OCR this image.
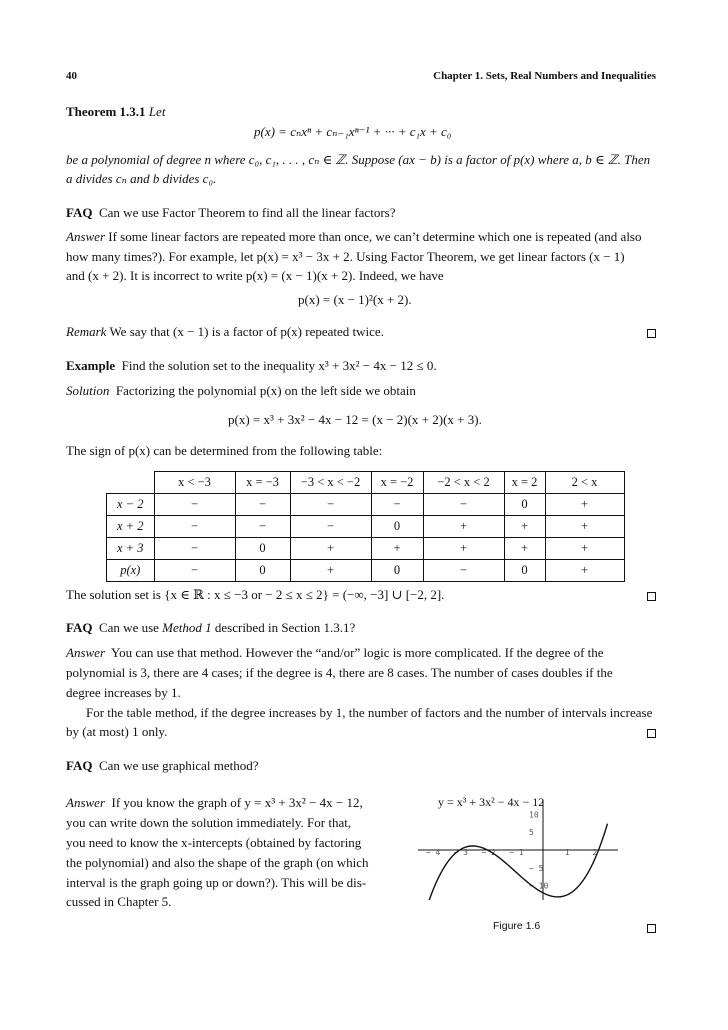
40	Chapter 1. Sets, Real Numbers and Inequalities
Theorem 1.3.1 Let
p(x) = cₙxⁿ + cₙ₋₁xⁿ⁻¹ + ··· + c₁x + c₀
be a polynomial of degree n where c₀, c₁, . . . , cₙ ∈ ℤ. Suppose (ax − b) is a factor of p(x) where a, b ∈ ℤ. Then
a divides cₙ and b divides c₀.
FAQ Can we use Factor Theorem to find all the linear factors?
Answer If some linear factors are repeated more than once, we can’t determine which one is repeated (and also
how many times?). For example, let p(x) = x³ − 3x + 2. Using Factor Theorem, we get linear factors (x − 1)
and (x + 2). It is incorrect to write p(x) = (x − 1)(x + 2). Indeed, we have
p(x) = (x − 1)²(x + 2).
Remark We say that (x − 1) is a factor of p(x) repeated twice.
Example Find the solution set to the inequality x³ + 3x² − 4x − 12 ≤ 0.
Solution Factorizing the polynomial p(x) on the left side we obtain
p(x) = x³ + 3x² − 4x − 12 = (x − 2)(x + 2)(x + 3).
The sign of p(x) can be determined from the following table:
	x < −3	x = −3	−3 < x < −2	x = −2	−2 < x < 2	x = 2	2 < x
x − 2	−	−	−	−	−	0	+
x + 2	−	−	−	0	+	+	+
x + 3	−	0	+	+	+	+	+
p(x)	−	0	+	0	−	0	+
The solution set is {x ∈ ℝ : x ≤ −3 or − 2 ≤ x ≤ 2} = (−∞, −3] ∪ [−2, 2].
FAQ Can we use Method 1 described in Section 1.3.1?
Answer You can use that method. However the “and/or” logic is more complicated. If the degree of the
polynomial is 3, there are 4 cases; if the degree is 4, there are 8 cases. The number of cases doubles if the
degree increases by 1.
For the table method, if the degree increases by 1, the number of factors and the number of intervals increase
by (at most) 1 only.
FAQ Can we use graphical method?
Answer If you know the graph of y = x³ + 3x² − 4x − 12,
you can write down the solution immediately. For that,
you need to know the x-intercepts (obtained by factoring
the polynomial) and also the shape of the graph (on which
interval is the graph going up or down?). This will be dis-
cussed in Chapter 5.
y = x³ + 3x² − 4x − 12
− 4 − 3 − 2 − 1	1	2
10
5
− 5
− 10
Figure 1.6
